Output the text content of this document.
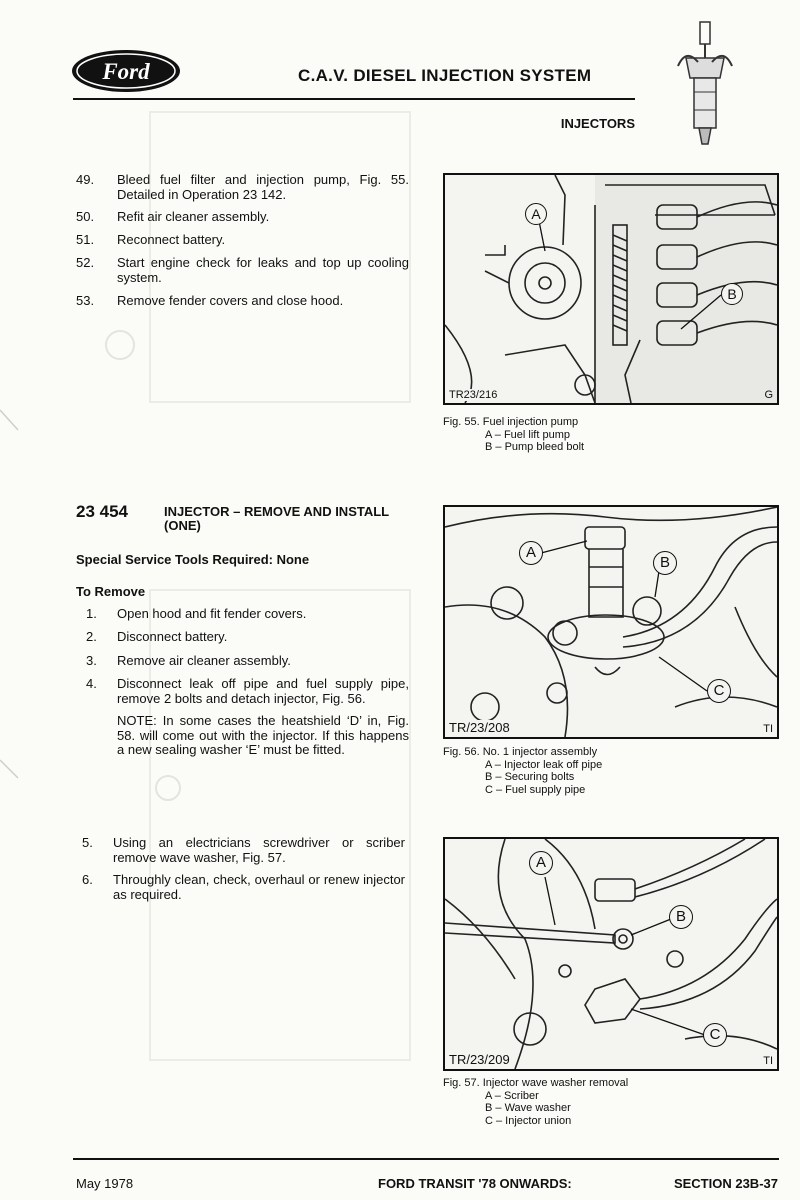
Ford	C.A.V. DIESEL INJECTION SYSTEM
INJECTORS
49.	Bleed fuel filter and injection pump, Fig. 55. Detailed in Operation 23 142.
50.	Refit air cleaner assembly.
51.	Reconnect battery.
52.	Start engine check for leaks and top up cooling system.
53.	Remove fender covers and close hood.
23 454	INJECTOR – REMOVE AND INSTALL (ONE)
Special Service Tools Required: None
To Remove
1.	Open hood and fit fender covers.
2.	Disconnect battery.
3.	Remove air cleaner assembly.
4.	Disconnect leak off pipe and fuel supply pipe, remove 2 bolts and detach injector, Fig. 56.
NOTE: In some cases the heatshield ‘D’ in, Fig. 58. will come out with the injector. If this happens a new sealing washer ‘E’ must be fitted.
5.	Using an electricians screwdriver or scriber remove wave washer, Fig. 57.
6.	Throughly clean, check, overhaul or renew injector as required.
A
B
TR23/216	G
Fig. 55. Fuel injection pump
A – Fuel lift pump
B – Pump bleed bolt
A
B
C
TR/23/208	TI
Fig. 56. No. 1 injector assembly
A – Injector leak off pipe
B – Securing bolts
C – Fuel supply pipe
A
B
C
TR/23/209	TI
Fig. 57. Injector wave washer removal
A – Scriber
B – Wave washer
C – Injector union
May 1978	FORD TRANSIT '78 ONWARDS:	SECTION 23B-37
